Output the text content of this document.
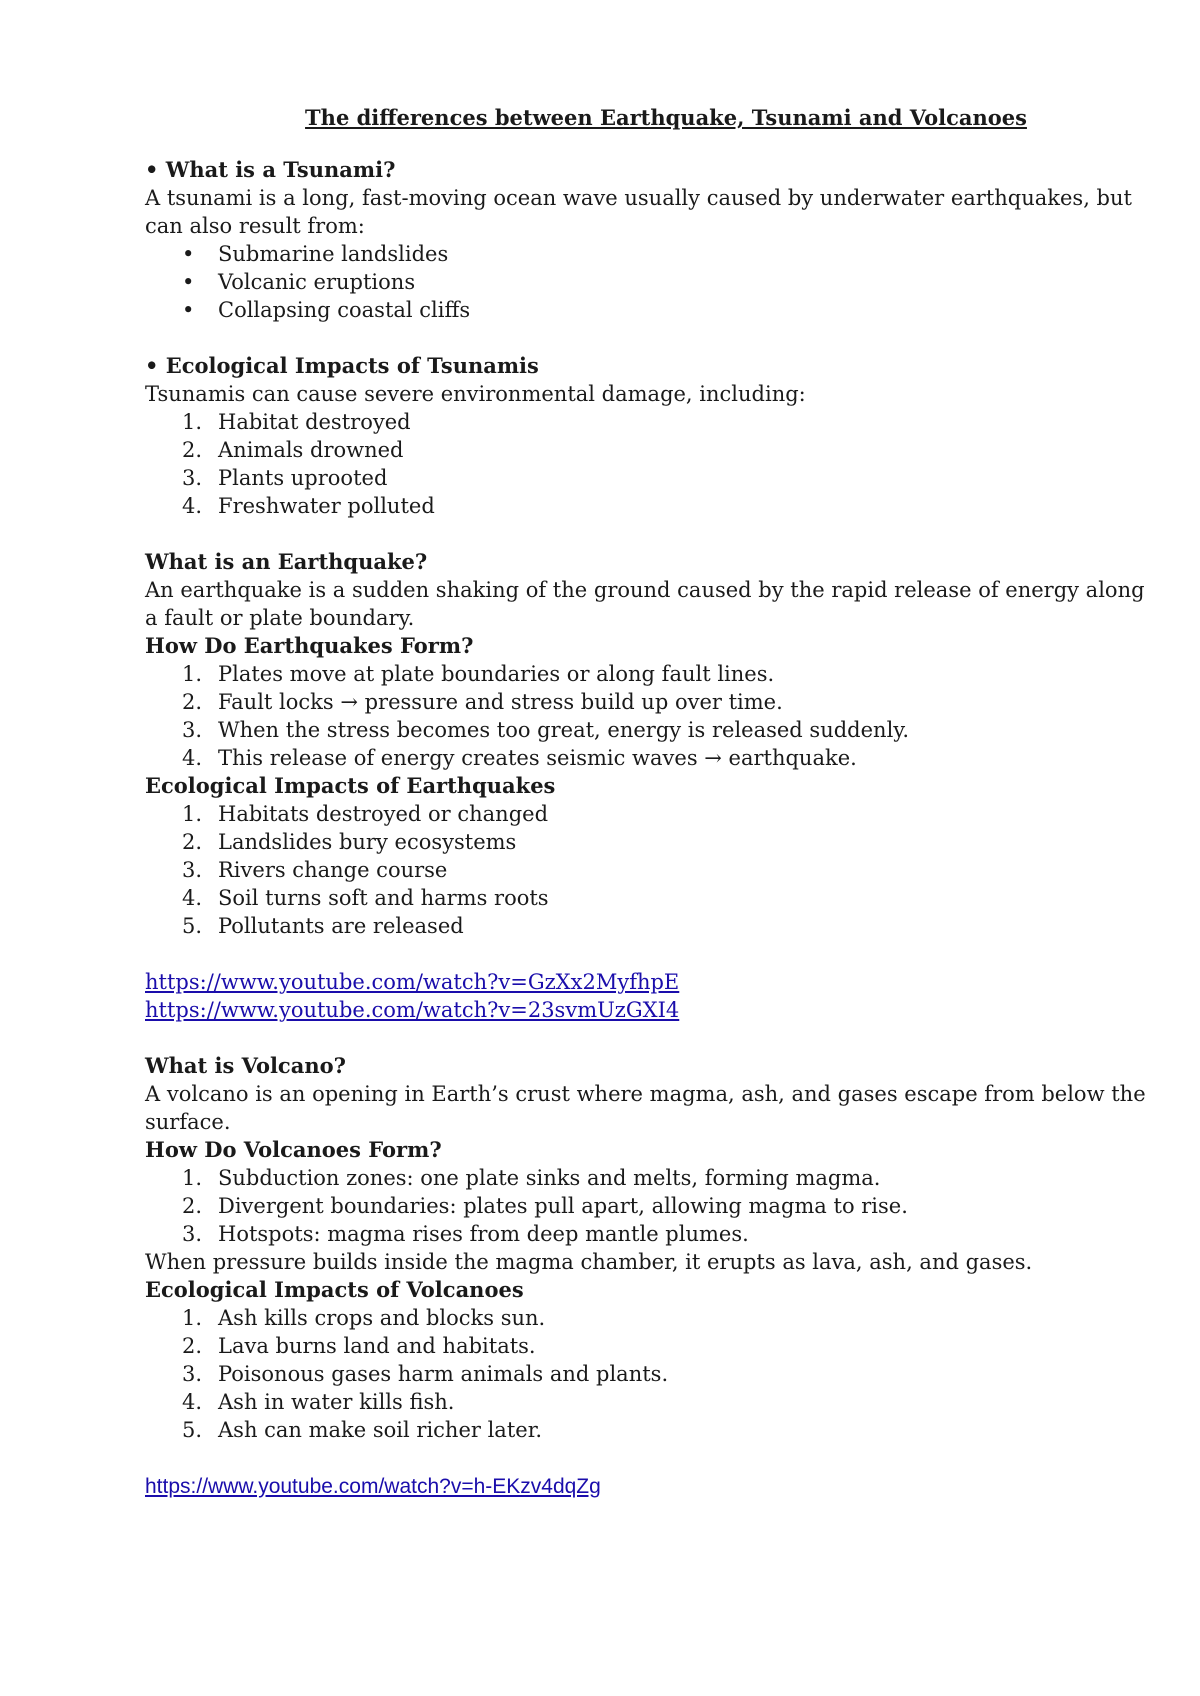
The differences between Earthquake, Tsunami and Volcanoes

• What is a Tsunami?

A tsunami is a long, fast-moving ocean wave usually caused by underwater earthquakes, but can also result from:

•	Submarine landslides
•	Volcanic eruptions
•	Collapsing coastal cliffs

• Ecological Impacts of Tsunamis

Tsunamis can cause severe environmental damage, including:

1. Habitat destroyed
2. Animals drowned
3. Plants uprooted
4. Freshwater polluted

What is an Earthquake?

An earthquake is a sudden shaking of the ground caused by the rapid release of energy along a fault or plate boundary.

How Do Earthquakes Form?

1. Plates move at plate boundaries or along fault lines.
2. Fault locks → pressure and stress build up over time.
3. When the stress becomes too great, energy is released suddenly.
4. This release of energy creates seismic waves → earthquake.

Ecological Impacts of Earthquakes

1. Habitats destroyed or changed
2. Landslides bury ecosystems
3. Rivers change course
4. Soil turns soft and harms roots
5. Pollutants are released

https://www.youtube.com/watch?v=GzXx2MyfhpE

https://www.youtube.com/watch?v=23svmUzGXI4

What is Volcano?

A volcano is an opening in Earth’s crust where magma, ash, and gases escape from below the surface.

How Do Volcanoes Form?

1. Subduction zones: one plate sinks and melts, forming magma.
2. Divergent boundaries: plates pull apart, allowing magma to rise.
3. Hotspots: magma rises from deep mantle plumes.

When pressure builds inside the magma chamber, it erupts as lava, ash, and gases.

Ecological Impacts of Volcanoes

1. Ash kills crops and blocks sun.
2. Lava burns land and habitats.
3. Poisonous gases harm animals and plants.
4. Ash in water kills fish.
5. Ash can make soil richer later.

https://www.youtube.com/watch?v=h-EKzv4dqZg
